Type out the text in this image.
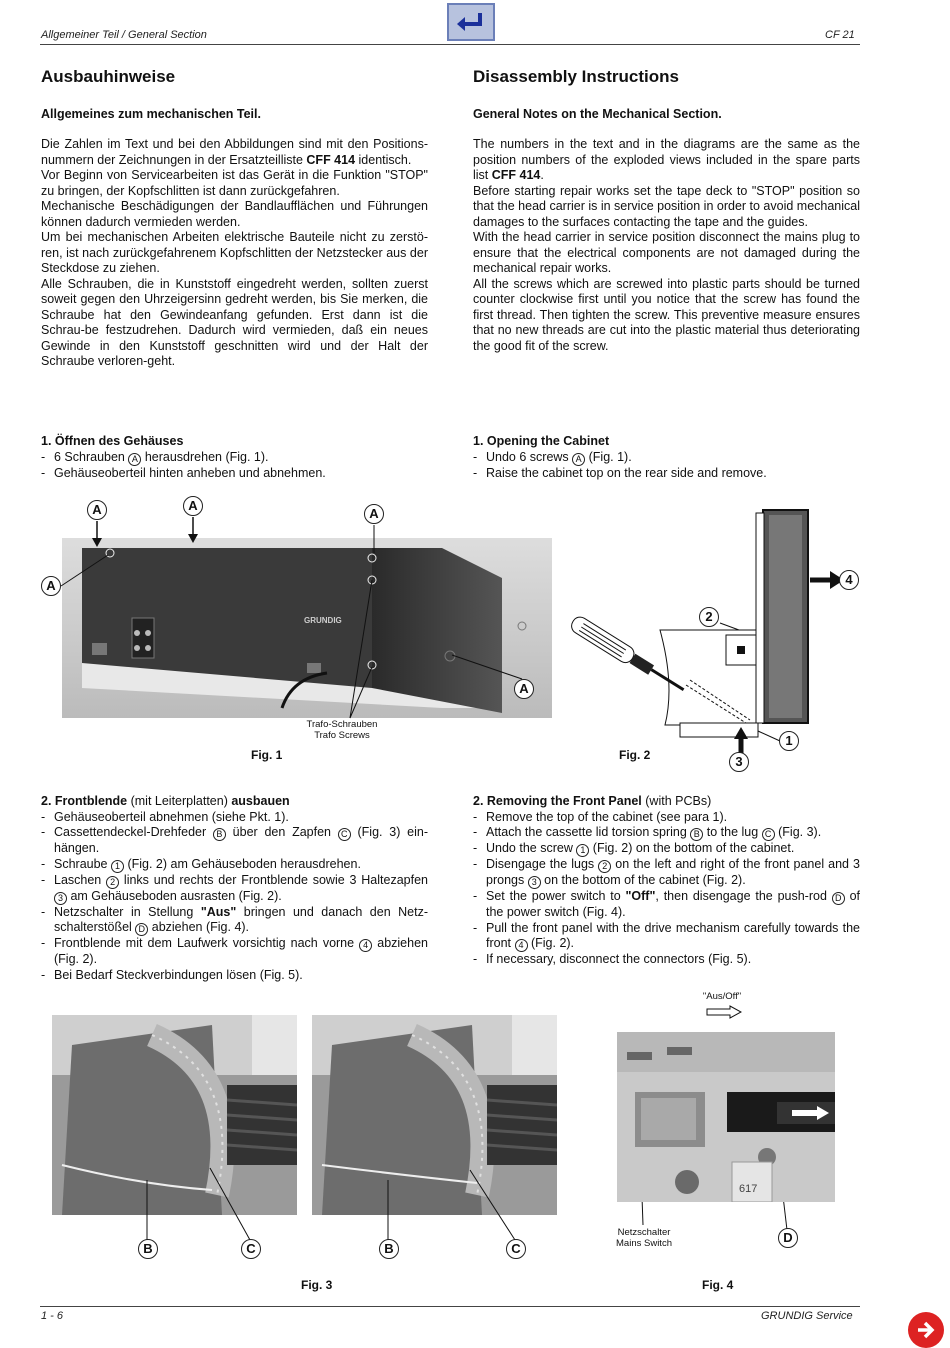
Allgemeiner Teil / General Section	CF 21
Ausbauhinweise
Allgemeines zum mechanischen Teil.

Die Zahlen im Text und bei den Abbildungen sind mit den Positions-nummern der Zeichnungen in der Ersatzteilliste CFF 414 identisch.

Vor Beginn von Servicearbeiten ist das Gerät in die Funktion "STOP" zu bringen, der Kopfschlitten ist dann zurückgefahren.

Mechanische Beschädigungen der Bandlaufflächen und Führungen können dadurch vermieden werden.

Um bei mechanischen Arbeiten elektrische Bauteile nicht zu zerstö-ren, ist nach zurückgefahrenem Kopfschlitten der Netzstecker aus der Steckdose zu ziehen.

Alle Schrauben, die in Kunststoff eingedreht werden, sollten zuerst soweit gegen den Uhrzeigersinn gedreht werden, bis Sie merken, die Schraube hat den Gewindeanfang gefunden. Erst dann ist die Schrau-be festzudrehen. Dadurch wird vermieden, daß ein neues Gewinde in den Kunststoff geschnitten wird und der Halt der Schraube verloren-geht.

Disassembly Instructions
General Notes on the Mechanical Section.

The numbers in the text and in the diagrams are the same as the position numbers of the exploded views included in the spare parts list CFF 414.

Before starting repair works set the tape deck to "STOP" position so that the head carrier is in service position in order to avoid mechanical damages to the surfaces contacting the tape and the guides.

With the head carrier in service position disconnect the mains plug to ensure that the electrical components are not damaged during the mechanical repair works.

All the screws which are screwed into plastic parts should be turned counter clockwise first until you notice that the screw has found the first thread. Then tighten the screw. This preventive measure ensures that no new threads are cut into the plastic material thus deteriorating the good fit of the screw.

1. Öffnen des Gehäuses
- 6 Schrauben A herausdrehen (Fig. 1).
- Gehäuseoberteil hinten anheben und abnehmen.
1. Opening the Cabinet
- Undo 6 screws A (Fig. 1).
- Raise the cabinet top on the rear side and remove.
GRUNDIG
A	A
A
A
A
Trafo-Schrauben
Trafo Screws
Fig. 1
4
2
1
3
Fig. 2
2. Frontblende (mit Leiterplatten) ausbauen
- Gehäuseoberteil abnehmen (siehe Pkt. 1).
- Cassettendeckel-Drehfeder B über den Zapfen C (Fig. 3) ein-hängen.
- Schraube 1 (Fig. 2) am Gehäuseboden herausdrehen.
- Laschen 2 links und rechts der Frontblende sowie 3 Haltezapfen 3 am Gehäuseboden ausrasten (Fig. 2).
- Netzschalter in Stellung "Aus" bringen und danach den Netz-schalterstößel D abziehen (Fig. 4).
- Frontblende mit dem Laufwerk vorsichtig nach vorne 4 abziehen (Fig. 2).
- Bei Bedarf Steckverbindungen lösen (Fig. 5).
2. Removing the Front Panel (with PCBs)
- Remove the top of the cabinet (see para 1).
- Attach the cassette lid torsion spring B to the lug C (Fig. 3).
- Undo the screw 1 (Fig. 2) on the bottom of the cabinet.
- Disengage the lugs 2 on the left and right of the front panel and 3 prongs 3 on the bottom of the cabinet (Fig. 2).
- Set the power switch to "Off", then disengage the push-rod D of the power switch (Fig. 4).
- Pull the front panel with the drive mechanism carefully towards the front 4 (Fig. 2).
- If necessary, disconnect the connectors (Fig. 5).
B	C	B	C
Fig. 3
"Aus/Off"
617
Netzschalter
Mains Switch	D
Fig. 4
1 - 6	GRUNDIG Service
